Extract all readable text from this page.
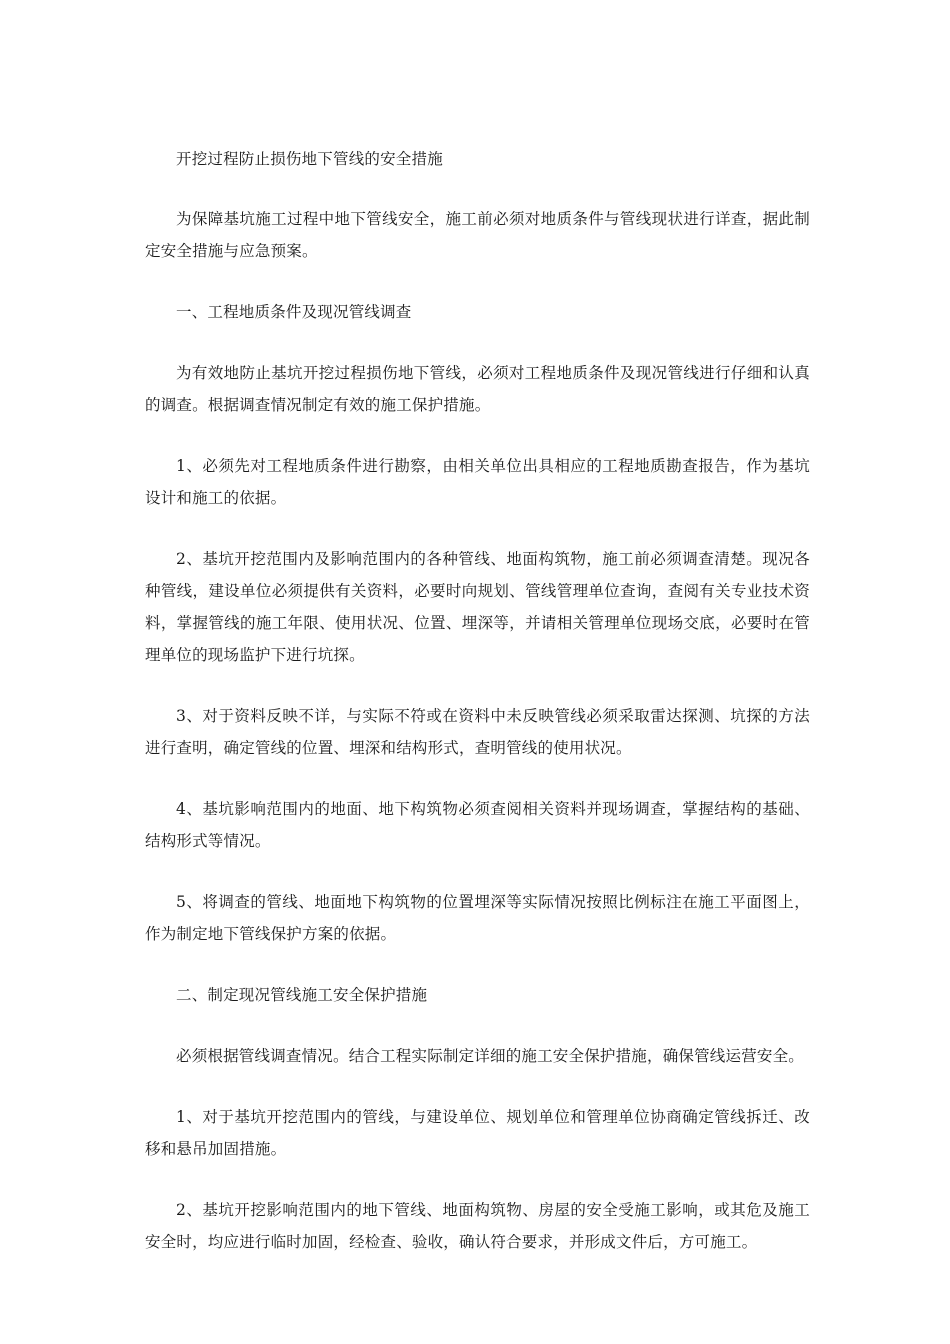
开挖过程防止损伤地下管线的安全措施

为保障基坑施工过程中地下管线安全，施工前必须对地质条件与管线现状进行详查，据此制定安全措施与应急预案。

一、工程地质条件及现况管线调查

为有效地防止基坑开挖过程损伤地下管线，必须对工程地质条件及现况管线进行仔细和认真的调查。根据调查情况制定有效的施工保护措施。

1、必须先对工程地质条件进行勘察，由相关单位出具相应的工程地质勘查报告，作为基坑设计和施工的依据。

2、基坑开挖范围内及影响范围内的各种管线、地面构筑物，施工前必须调查清楚。现况各种管线，建设单位必须提供有关资料，必要时向规划、管线管理单位查询，查阅有关专业技术资料，掌握管线的施工年限、使用状况、位置、埋深等，并请相关管理单位现场交底，必要时在管理单位的现场监护下进行坑探。

3、对于资料反映不详，与实际不符或在资料中未反映管线必须采取雷达探测、坑探的方法进行查明，确定管线的位置、埋深和结构形式，查明管线的使用状况。

4、基坑影响范围内的地面、地下构筑物必须查阅相关资料并现场调查，掌握结构的基础、结构形式等情况。

5、将调查的管线、地面地下构筑物的位置埋深等实际情况按照比例标注在施工平面图上，作为制定地下管线保护方案的依据。

二、制定现况管线施工安全保护措施

必须根据管线调查情况。结合工程实际制定详细的施工安全保护措施，确保管线运营安全。

1、对于基坑开挖范围内的管线，与建设单位、规划单位和管理单位协商确定管线拆迁、改移和悬吊加固措施。

2、基坑开挖影响范围内的地下管线、地面构筑物、房屋的安全受施工影响，或其危及施工安全时，均应进行临时加固，经检查、验收，确认符合要求，并形成文件后，方可施工。
